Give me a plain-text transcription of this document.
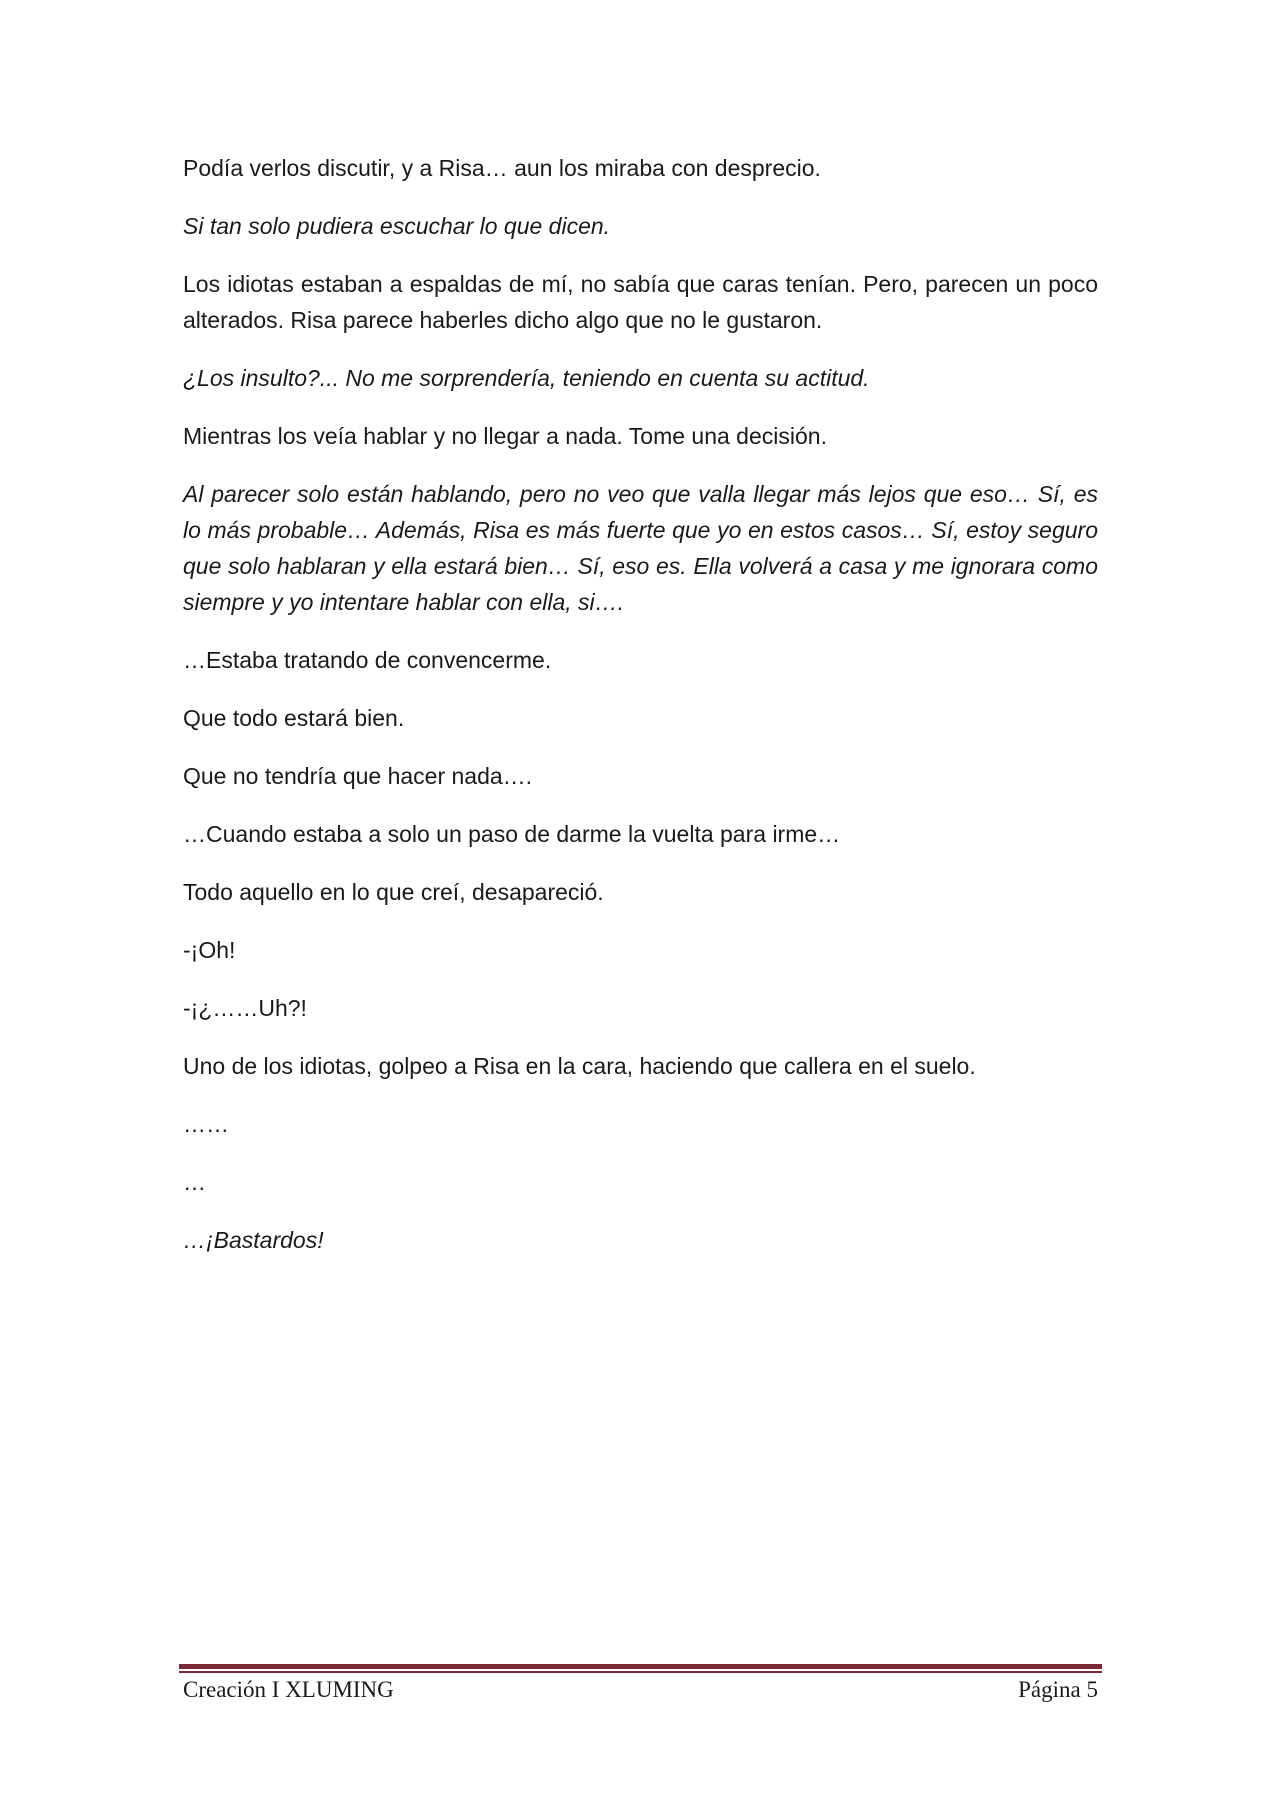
Podía verlos discutir, y a Risa… aun los miraba con desprecio.

Si tan solo pudiera escuchar lo que dicen.

Los idiotas estaban a espaldas de mí, no sabía que caras tenían. Pero, parecen un poco alterados. Risa parece haberles dicho algo que no le gustaron.

¿Los insulto?... No me sorprendería, teniendo en cuenta su actitud.

Mientras los veía hablar y no llegar a nada. Tome una decisión.

Al parecer solo están hablando, pero no veo que valla llegar más lejos que eso… Sí, es lo más probable… Además, Risa es más fuerte que yo en estos casos… Sí, estoy seguro que solo hablaran y ella estará bien… Sí, eso es. Ella volverá a casa y me ignorara como siempre y yo intentare hablar con ella, si….

…Estaba tratando de convencerme.

Que todo estará bien.

Que no tendría que hacer nada….

…Cuando estaba a solo un paso de darme la vuelta para irme…

Todo aquello en lo que creí, desapareció.

-¡Oh!

-¡¿……Uh?!

Uno de los idiotas, golpeo a Risa en la cara, haciendo que callera en el suelo.

……

…

…¡Bastardos!

Creación I XLUMING	Página 5
